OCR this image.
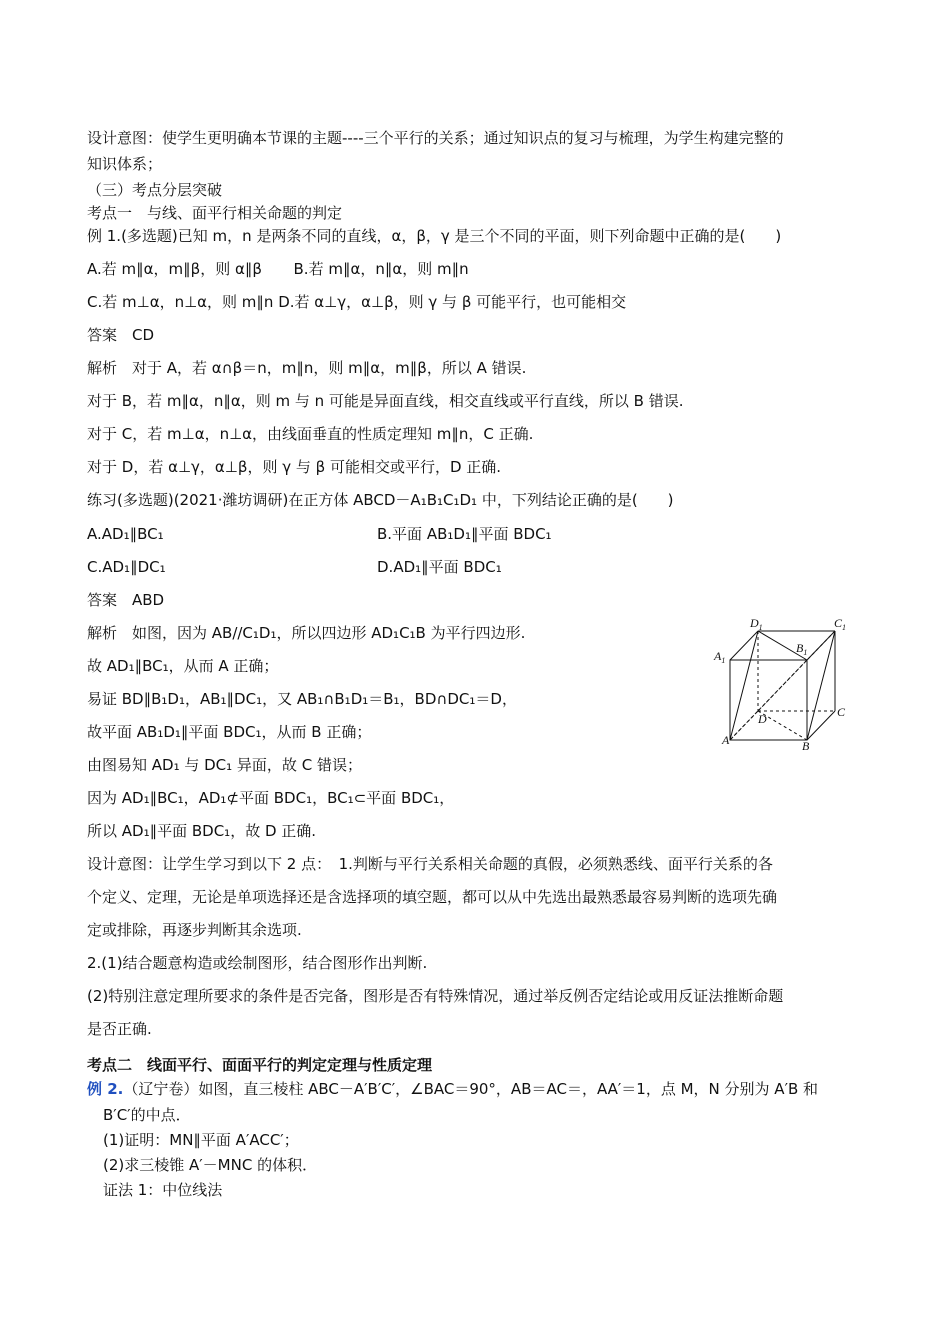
设计意图：使学生更明确本节课的主题----三个平行的关系；通过知识点的复习与梳理，为学生构建完整的
知识体系；
（三）考点分层突破
考点一　与线、面平行相关命题的判定
例 1.(多选题)已知 m，n 是两条不同的直线，α，β，γ 是三个不同的平面，则下列命题中正确的是(　　)
A.若 m∥α，m∥β，则 α∥β B.若 m∥α，n∥α，则 m∥n
C.若 m⊥α，n⊥α，则 m∥n D.若 α⊥γ，α⊥β，则 γ 与 β 可能平行，也可能相交
答案　CD
解析　对于 A，若 α∩β＝n，m∥n，则 m∥α，m∥β，所以 A 错误.
对于 B，若 m∥α，n∥α，则 m 与 n 可能是异面直线，相交直线或平行直线，所以 B 错误.
对于 C，若 m⊥α，n⊥α，由线面垂直的性质定理知 m∥n，C 正确.
对于 D，若 α⊥γ，α⊥β，则 γ 与 β 可能相交或平行，D 正确.
练习(多选题)(2021·潍坊调研)在正方体 ABCD－A₁B₁C₁D₁ 中，下列结论正确的是(　　)
A.AD₁∥BC₁	B.平面 AB₁D₁∥平面 BDC₁
C.AD₁∥DC₁	D.AD₁∥平面 BDC₁
答案　ABD
解析　如图，因为 AB//C₁D₁，所以四边形 AD₁C₁B 为平行四边形.
故 AD₁∥BC₁，从而 A 正确；
易证 BD∥B₁D₁，AB₁∥DC₁，又 AB₁∩B₁D₁＝B₁，BD∩DC₁＝D，
故平面 AB₁D₁∥平面 BDC₁，从而 B 正确；
由图易知 AD₁ 与 DC₁ 异面，故 C 错误；
因为 AD₁∥BC₁，AD₁⊄平面 BDC₁，BC₁⊂平面 BDC₁，
所以 AD₁∥平面 BDC₁，故 D 正确.
$D_1$	$C_1$
$A_1$
$B_1$
D	C
A	B
设计意图：让学生学习到以下 2 点：　1.判断与平行关系相关命题的真假，必须熟悉线、面平行关系的各
个定义、定理，无论是单项选择还是含选择项的填空题，都可以从中先选出最熟悉最容易判断的选项先确
定或排除，再逐步判断其余选项.
2.(1)结合题意构造或绘制图形，结合图形作出判断.
(2)特别注意定理所要求的条件是否完备，图形是否有特殊情况，通过举反例否定结论或用反证法推断命题
是否正确.
考点二　线面平行、面面平行的判定定理与性质定理
例 2.（辽宁卷）如图，直三棱柱 ABC－A′B′C′，∠BAC＝90°，AB＝AC＝，AA′＝1，点 M，N 分别为 A′B 和
B′C′的中点．
(1)证明：MN∥平面 A′ACC′；
(2)求三棱锥 A′－MNC 的体积．
证法 1：中位线法
